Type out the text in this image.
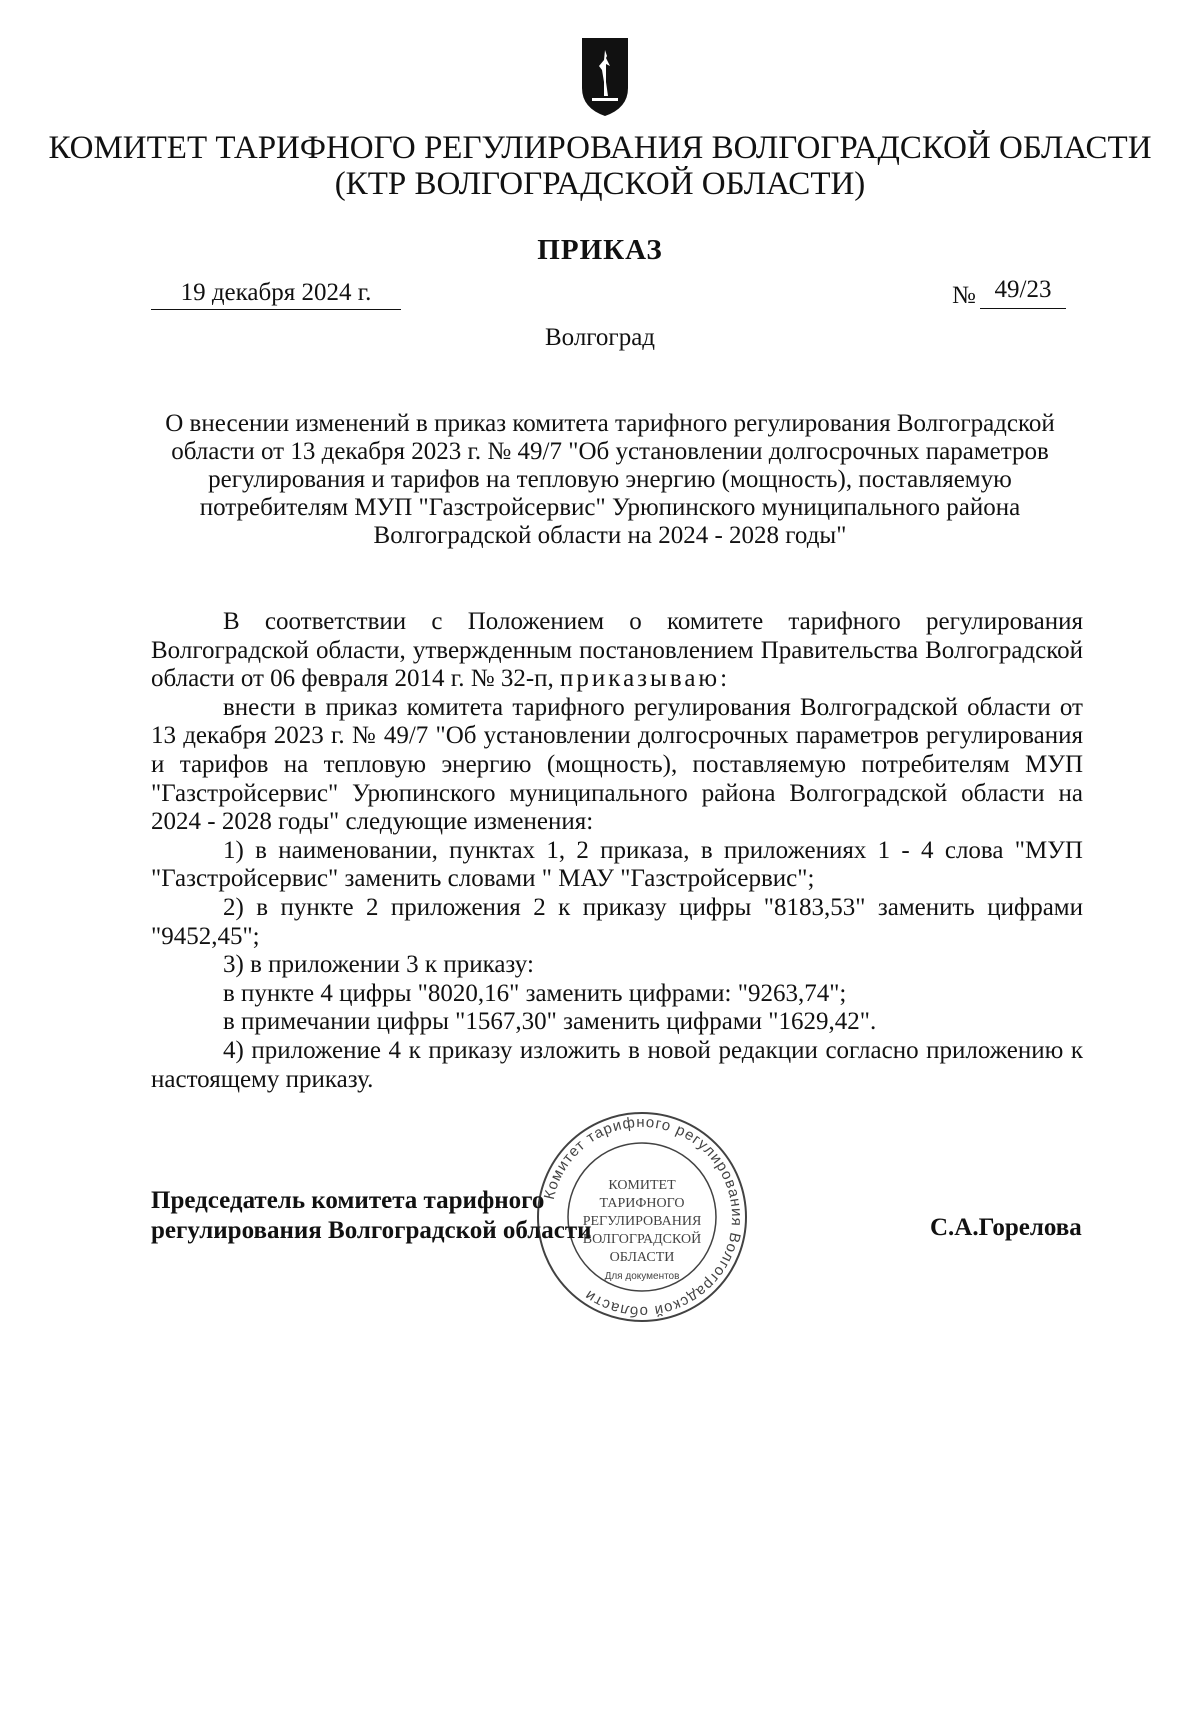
КОМИТЕТ ТАРИФНОГО РЕГУЛИРОВАНИЯ ВОЛГОГРАДСКОЙ ОБЛАСТИ
(КТР ВОЛГОГРАДСКОЙ ОБЛАСТИ)
ПРИКАЗ
19 декабря 2024 г.	№ 49/23
Волгоград
О внесении изменений в приказ комитета тарифного регулирования Волгоградской
области от 13 декабря 2023 г. № 49/7 "Об установлении долгосрочных параметров
регулирования и тарифов на тепловую энергию (мощность), поставляемую
потребителям МУП "Газстройсервис" Урюпинского муниципального района
Волгоградской области на 2024 - 2028 годы"

В соответствии с Положением о комитете тарифного регулирования Волгоградской области, утвержденным постановлением Правительства Волгоградской области от 06 февраля 2014 г. № 32-п, приказываю:

внести в приказ комитета тарифного регулирования Волгоградской области от 13 декабря 2023 г. № 49/7 "Об установлении долгосрочных параметров регулирования и тарифов на тепловую энергию (мощность), поставляемую потребителям МУП "Газстройсервис" Урюпинского муниципального района Волгоградской области на 2024 - 2028 годы" следующие изменения:

1) в наименовании, пунктах 1, 2 приказа, в приложениях 1 - 4 слова "МУП "Газстройсервис" заменить словами " МАУ "Газстройсервис";

2) в пункте 2 приложения 2 к приказу цифры "8183,53" заменить цифрами "9452,45";

3) в приложении 3 к приказу:

в пункте 4 цифры "8020,16" заменить цифрами: "9263,74";

в примечании цифры "1567,30" заменить цифрами "1629,42".

4) приложение 4 к приказу изложить в новой редакции согласно приложению к настоящему приказу.

Председатель комитета тарифного
регулирования Волгоградской области	С.А.Горелова
Комитет тарифного регулирования Волгоградской области
КОМИТЕТ
ТАРИФНОГО
РЕГУЛИРОВАНИЯ
ВОЛГОГРАДСКОЙ
ОБЛАСТИ
Для документов
